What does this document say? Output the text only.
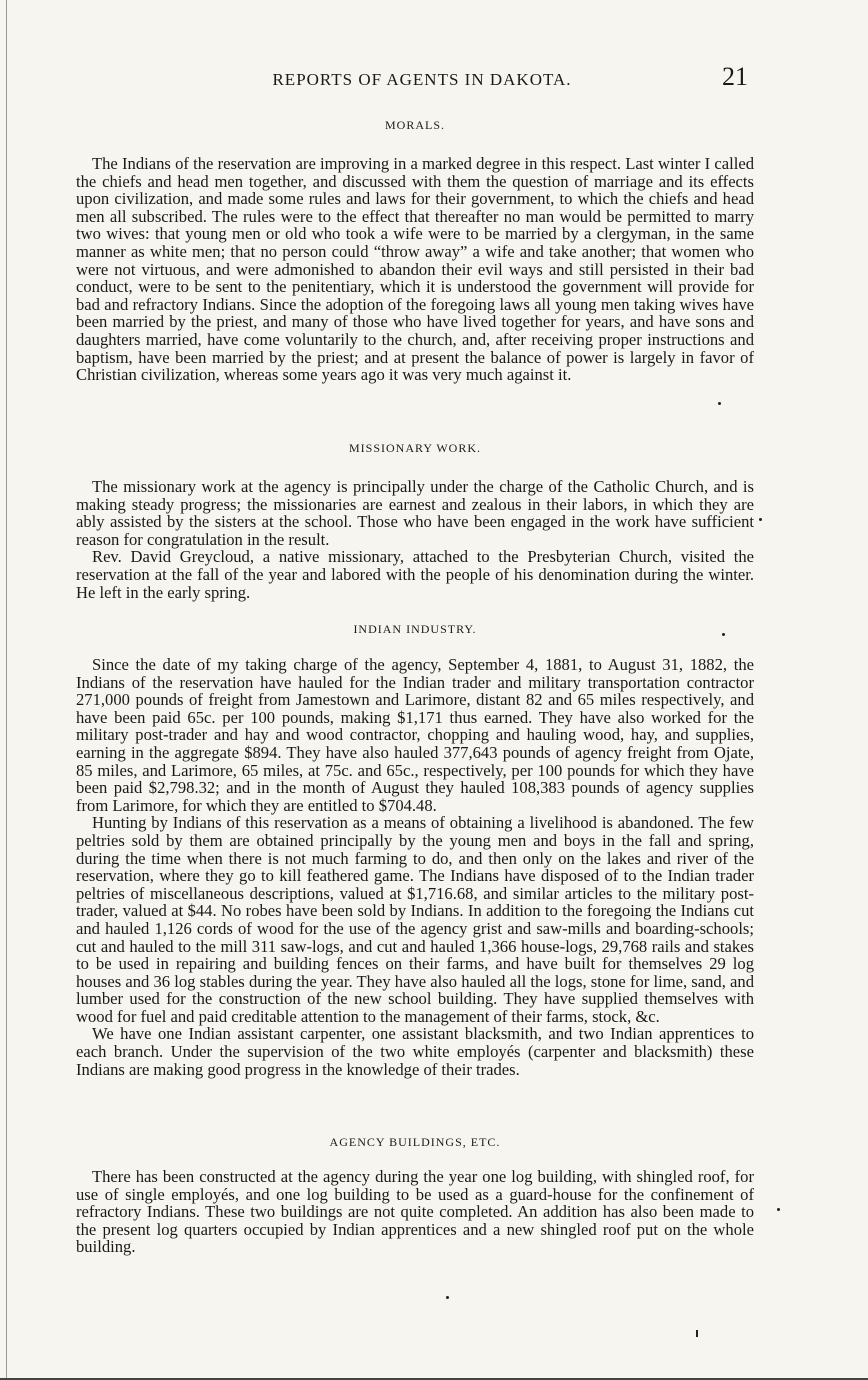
REPORTS OF AGENTS IN DAKOTA.	21
MORALS.

The Indians of the reservation are improving in a marked degree in this respect. Last winter I called the chiefs and head men together, and discussed with them the question of marriage and its effects upon civilization, and made some rules and laws for their government, to which the chiefs and head men all subscribed. The rules were to the effect that thereafter no man would be permitted to marry two wives: that young men or old who took a wife were to be married by a clergyman, in the same manner as white men; that no person could “throw away” a wife and take another; that women who were not virtuous, and were admonished to abandon their evil ways and still persisted in their bad conduct, were to be sent to the penitentiary, which it is understood the government will provide for bad and refractory Indians. Since the adoption of the foregoing laws all young men taking wives have been married by the priest, and many of those who have lived together for years, and have sons and daughters married, have come voluntarily to the church, and, after receiving proper instructions and baptism, have been married by the priest; and at present the balance of power is largely in favor of Christian civilization, whereas some years ago it was very much against it.

MISSIONARY WORK.

The missionary work at the agency is principally under the charge of the Catholic Church, and is making steady progress; the missionaries are earnest and zealous in their labors, in which they are ably assisted by the sisters at the school. Those who have been engaged in the work have sufficient reason for congratulation in the result.

Rev. David Greycloud, a native missionary, attached to the Presbyterian Church, visited the reservation at the fall of the year and labored with the people of his denomination during the winter. He left in the early spring.

INDIAN INDUSTRY.

Since the date of my taking charge of the agency, September 4, 1881, to August 31, 1882, the Indians of the reservation have hauled for the Indian trader and military transportation contractor 271,000 pounds of freight from Jamestown and Larimore, distant 82 and 65 miles respectively, and have been paid 65c. per 100 pounds, making $1,171 thus earned. They have also worked for the military post-trader and hay and wood contractor, chopping and hauling wood, hay, and supplies, earning in the aggregate $894. They have also hauled 377,643 pounds of agency freight from Ojate, 85 miles, and Larimore, 65 miles, at 75c. and 65c., respectively, per 100 pounds for which they have been paid $2,798.32; and in the month of August they hauled 108,383 pounds of agency supplies from Larimore, for which they are entitled to $704.48.

Hunting by Indians of this reservation as a means of obtaining a livelihood is abandoned. The few peltries sold by them are obtained principally by the young men and boys in the fall and spring, during the time when there is not much farming to do, and then only on the lakes and river of the reservation, where they go to kill feathered game. The Indians have disposed of to the Indian trader peltries of miscellaneous descriptions, valued at $1,716.68, and similar articles to the military post-trader, valued at $44. No robes have been sold by Indians. In addition to the foregoing the Indians cut and hauled 1,126 cords of wood for the use of the agency grist and saw-mills and boarding-schools; cut and hauled to the mill 311 saw-logs, and cut and hauled 1,366 house-logs, 29,768 rails and stakes to be used in repairing and building fences on their farms, and have built for themselves 29 log houses and 36 log stables during the year. They have also hauled all the logs, stone for lime, sand, and lumber used for the construction of the new school building. They have supplied themselves with wood for fuel and paid creditable attention to the management of their farms, stock, &c.

We have one Indian assistant carpenter, one assistant blacksmith, and two Indian apprentices to each branch. Under the supervision of the two white employés (carpenter and blacksmith) these Indians are making good progress in the knowledge of their trades.

AGENCY BUILDINGS, ETC.

There has been constructed at the agency during the year one log building, with shingled roof, for use of single employés, and one log building to be used as a guard-house for the confinement of refractory Indians. These two buildings are not quite completed. An addition has also been made to the present log quarters occupied by Indian apprentices and a new shingled roof put on the whole building.
